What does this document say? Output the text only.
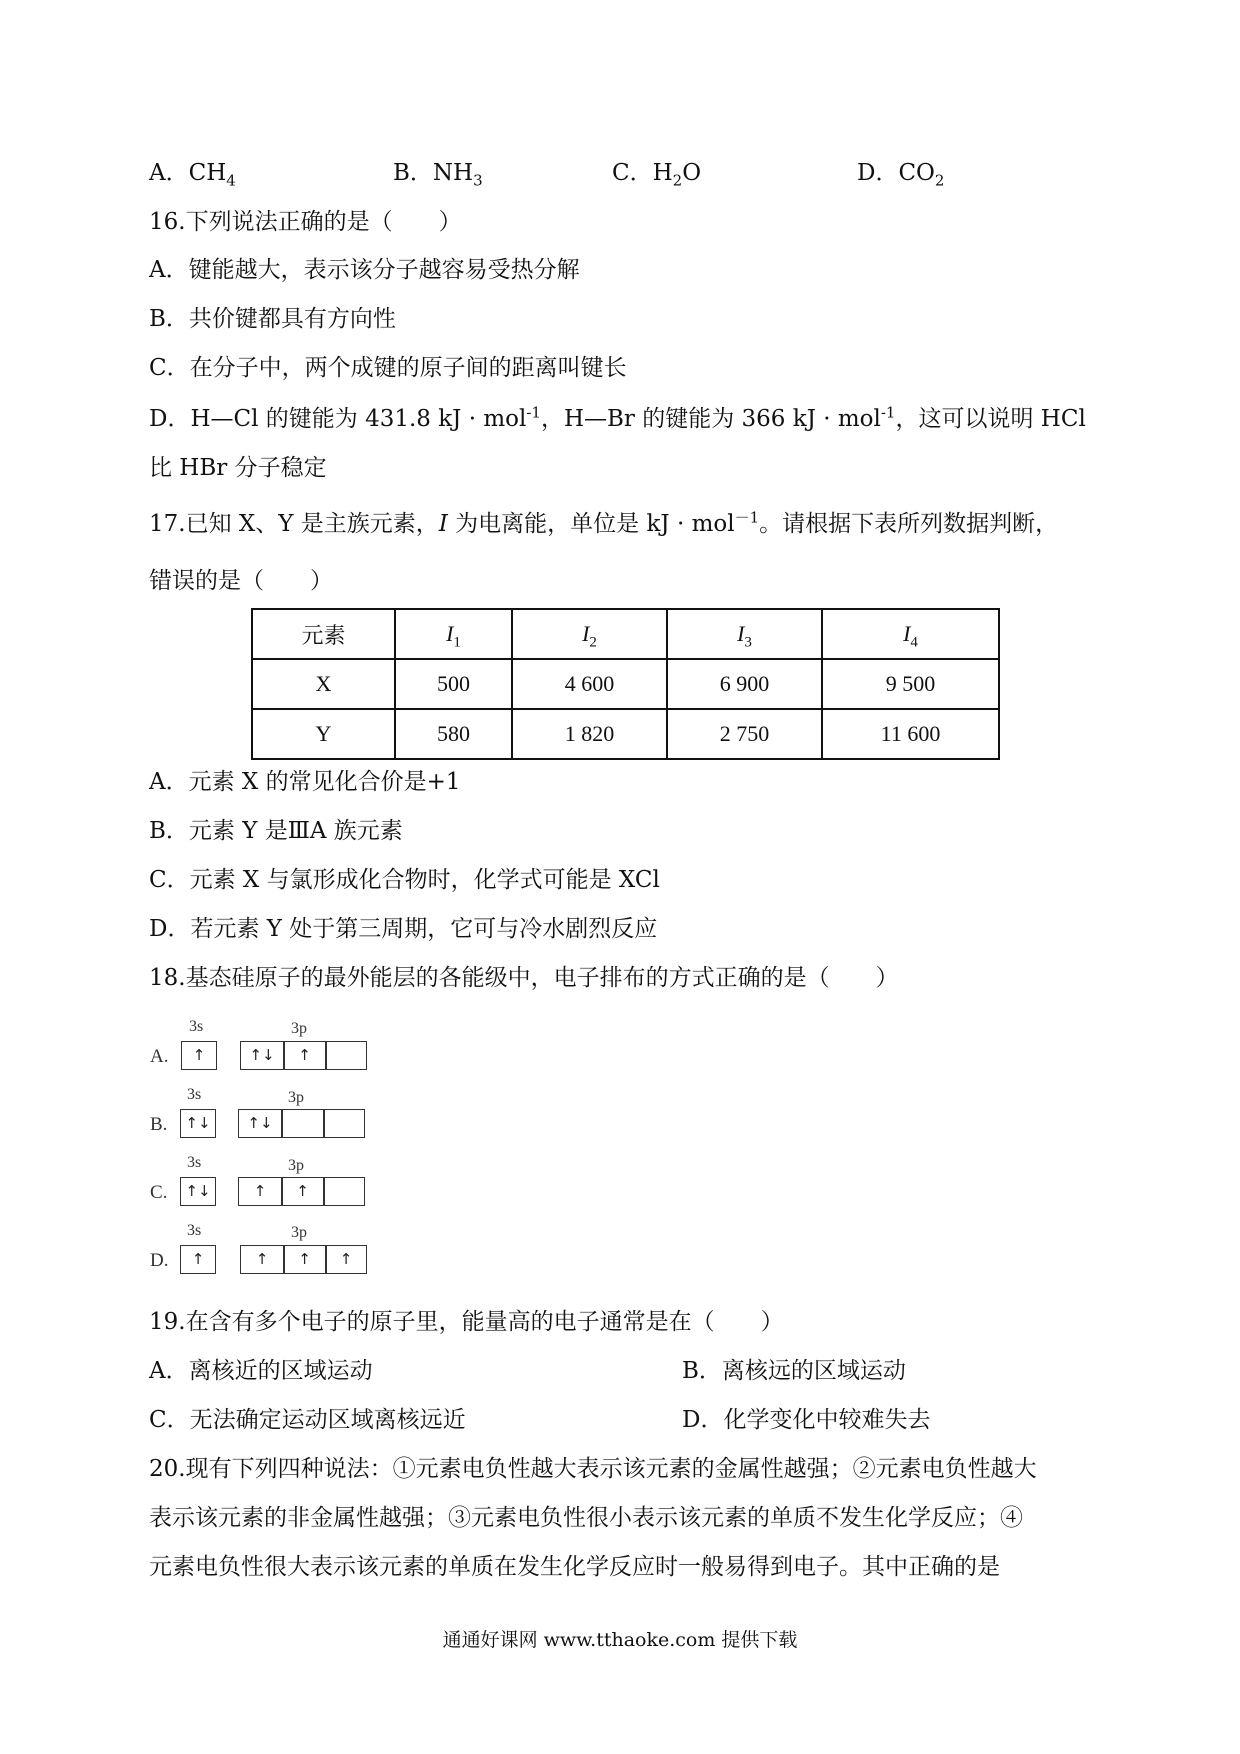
A．$CH_4$	B．$NH_3$	C．$H_2O$	D．$CO_2$
16.下列说法正确的是（　　）
A．键能越大，表示该分子越容易受热分解
B．共价键都具有方向性
C．在分子中，两个成键的原子间的距离叫键长
D．H—Cl 的键能为 431.8 kJ · mol$^{-1}$，H—Br 的键能为 366 kJ · mol$^{-1}$，这可以说明 HCl
比 HBr 分子稳定
17.已知 X、Y 是主族元素，I 为电离能，单位是 kJ · mol$^{-1}$。请根据下表所列数据判断，
错误的是（　　）
元素	$I_1$	$I_2$	$I_3$	$I_4$
X	500	4 600	6 900	9 500
Y	580	1 820	2 750	11 600
A．元素 X 的常见化合价是+1
B．元素 Y 是ⅢA 族元素
C．元素 X 与氯形成化合物时，化学式可能是 XCl
D．若元素 Y 处于第三周期，它可与冷水剧烈反应
18.基态硅原子的最外能层的各能级中，电子排布的方式正确的是（　　）
A.
3s	3p
↑	↑↓	↑
B.
3s	3p
↑↓	↑↓
C.
3s	3p
↑↓	↑	↑
D.
3s	3p
↑	↑	↑	↑
19.在含有多个电子的原子里，能量高的电子通常是在（　　）
A．离核近的区域运动	B．离核远的区域运动
C．无法确定运动区域离核远近	D．化学变化中较难失去
20.现有下列四种说法：①元素电负性越大表示该元素的金属性越强；②元素电负性越大
表示该元素的非金属性越强；③元素电负性很小表示该元素的单质不发生化学反应；④
元素电负性很大表示该元素的单质在发生化学反应时一般易得到电子。其中正确的是
通通好课网 www.tthaoke.com 提供下载
